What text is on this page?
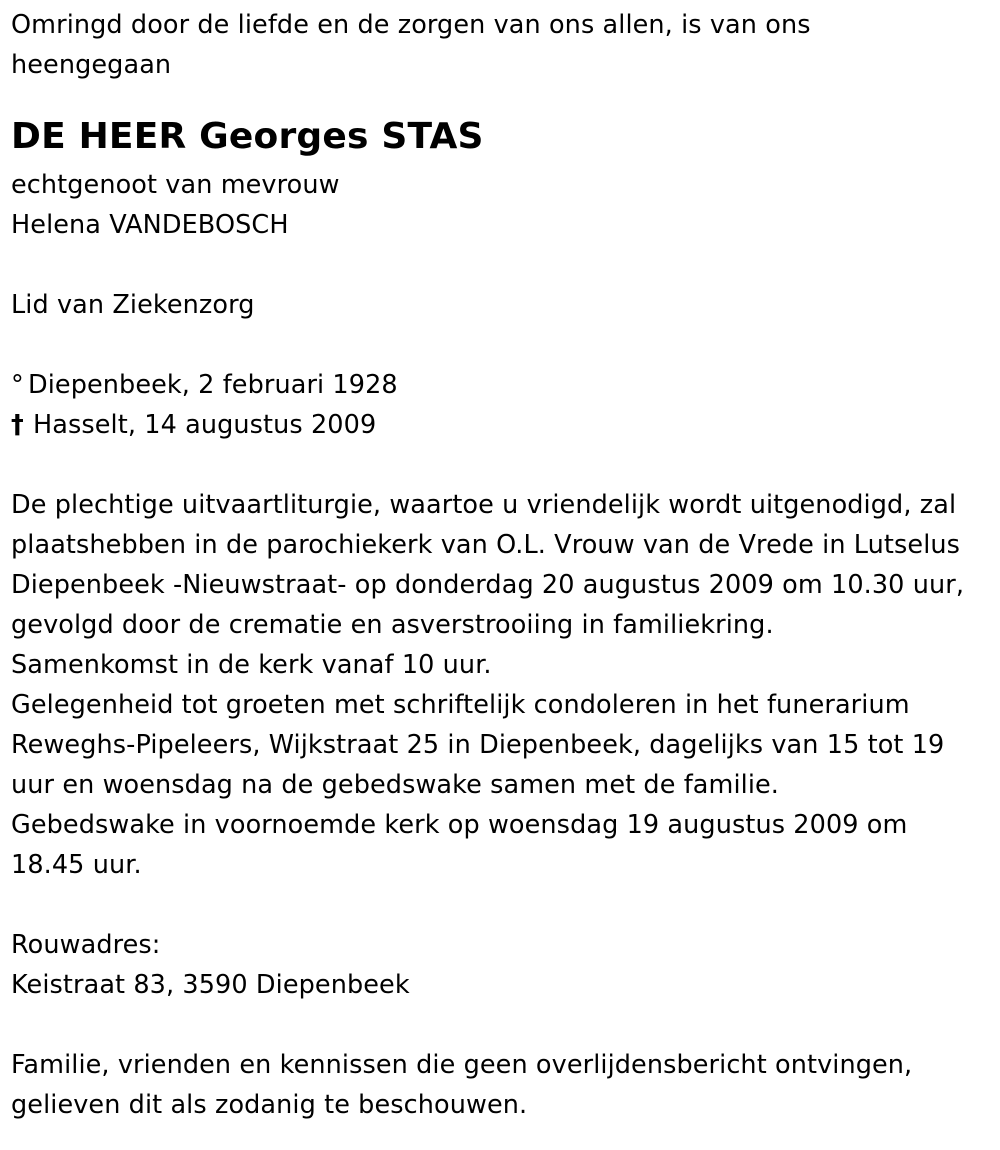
Omringd door de liefde en de zorgen van ons allen, is van ons
heengegaan
DE HEER Georges STAS
echtgenoot van mevrouw
Helena VANDEBOSCH
Lid van Ziekenzorg
° Diepenbeek, 2 februari 1928
† Hasselt, 14 augustus 2009
De plechtige uitvaartliturgie, waartoe u vriendelijk wordt uitgenodigd, zal
plaatshebben in de parochiekerk van O.L. Vrouw van de Vrede in Lutselus
Diepenbeek -Nieuwstraat- op donderdag 20 augustus 2009 om 10.30 uur,
gevolgd door de crematie en asverstrooiing in familiekring.
Samenkomst in de kerk vanaf 10 uur.
Gelegenheid tot groeten met schriftelijk condoleren in het funerarium
Reweghs-Pipeleers, Wijkstraat 25 in Diepenbeek, dagelijks van 15 tot 19
uur en woensdag na de gebedswake samen met de familie.
Gebedswake in voornoemde kerk op woensdag 19 augustus 2009 om
18.45 uur.
Rouwadres:
Keistraat 83, 3590 Diepenbeek
Familie, vrienden en kennissen die geen overlijdensbericht ontvingen,
gelieven dit als zodanig te beschouwen.
